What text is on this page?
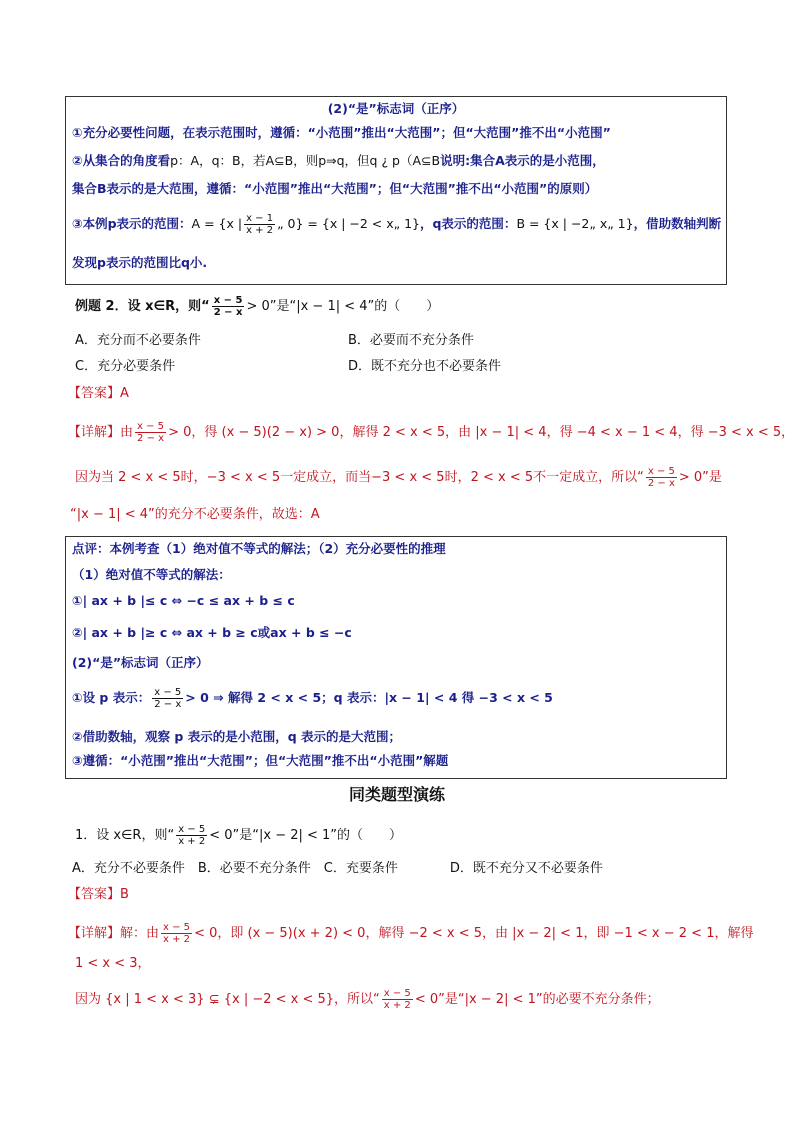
(2)“是”标志词（正序）
①充分必要性问题，在表示范围时，遵循：“小范围”推出“大范围”；但“大范围”推不出“小范围”
②从集合的角度看p：A，q：B，若A⊆B，则p⇒q，但q ¿ p（A⊆B说明:集合A表示的是小范围，
集合B表示的是大范围，遵循：“小范围”推出“大范围”；但“大范围”推不出“小范围”的原则）
③本例p表示的范围：A = {x | $\frac{x - 1}{x + 2}$ „ 0} = {x | −2 < x„ 1}，q表示的范围：B = {x | −2„ x„ 1}，借助数轴判断
发现p表示的范围比q小.
例题 2．设 x∈R，则“ $\frac{x - 5}{2 - x} > 0$”是“|x − 1| < 4”的（　　）
A．充分而不必要条件	B．必要而不充分条件
C．充分必要条件	D．既不充分也不必要条件
【答案】A
【详解】由 $\frac{x - 5}{2 - x} > 0$，得 (x − 5)(2 − x) > 0，解得 2 < x < 5，由 |x − 1| < 4，得 −4 < x − 1 < 4，得 −3 < x < 5，
因为当 2 < x < 5时，−3 < x < 5一定成立，而当−3 < x < 5时，2 < x < 5不一定成立，所以“ $\frac{x - 5}{2 - x} > 0$”是
“|x − 1| < 4”的充分不必要条件，故选：A
点评：本例考查（1）绝对值不等式的解法；（2）充分必要性的推理
（1）绝对值不等式的解法：
①| ax + b |≤ c ⇔ −c ≤ ax + b ≤ c
②| ax + b |≥ c ⇔ ax + b ≥ c或ax + b ≤ −c
(2)“是”标志词（正序）
①设 p 表示： $\frac{x - 5}{2 - x} > 0$ ⇒ 解得 2 < x < 5；q 表示：|x − 1| < 4 得 −3 < x < 5
②借助数轴，观察 p 表示的是小范围，q 表示的是大范围；
③遵循：“小范围”推出“大范围”；但“大范围”推不出“小范围”解题
同类题型演练
1．设 x∈R，则“ $\frac{x - 5}{x + 2} < 0$”是“|x − 2| < 1”的（　　）
A．充分不必要条件　B．必要不充分条件　C．充要条件　　　　D．既不充分又不必要条件
【答案】B
【详解】解：由 $\frac{x - 5}{x + 2} < 0$，即 (x − 5)(x + 2) < 0，解得 −2 < x < 5，由 |x − 2| < 1，即 −1 < x − 2 < 1，解得
1 < x < 3，
因为 {x | 1 < x < 3} ⊊ {x | −2 < x < 5}，所以“ $\frac{x - 5}{x + 2} < 0$”是“|x − 2| < 1”的必要不充分条件；
